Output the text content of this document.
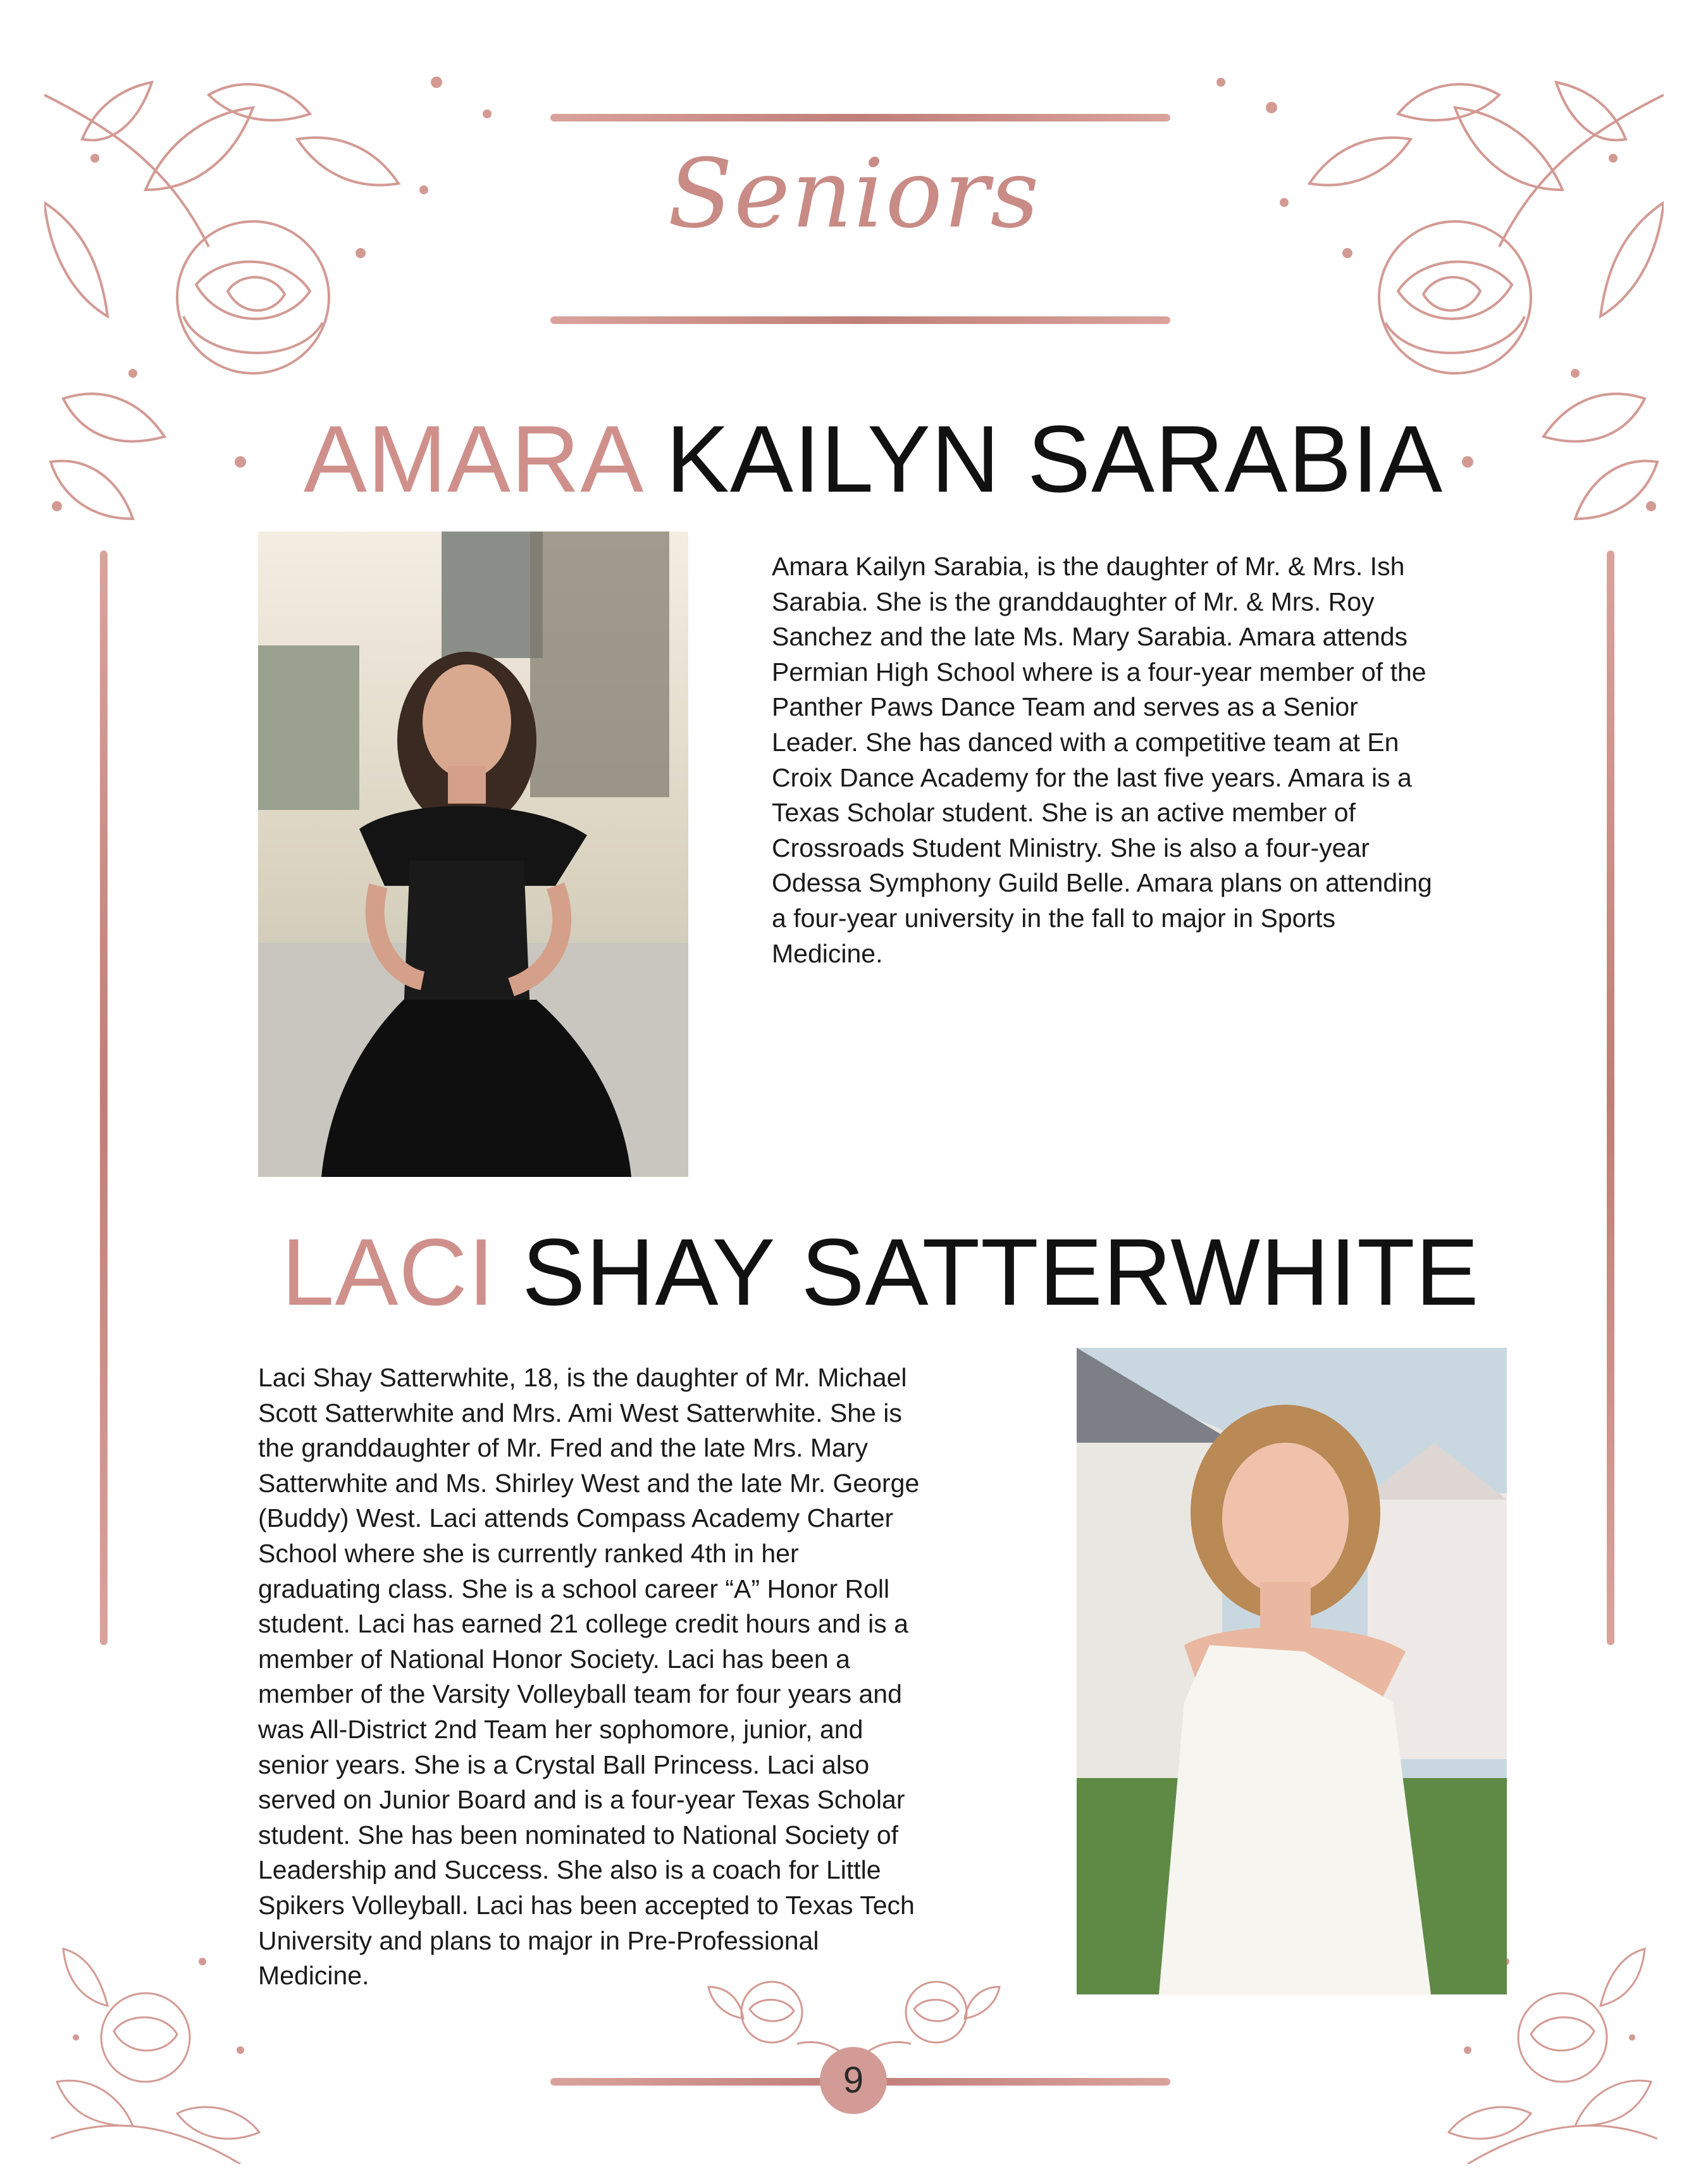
Seniors
AMARA KAILYN SARABIA

Amara Kailyn Sarabia, is the daughter of Mr. & Mrs. Ish

Sarabia. She is the granddaughter of Mr. & Mrs. Roy

Sanchez and the late Ms. Mary Sarabia. Amara attends

Permian High School where is a four-year member of the

Panther Paws Dance Team and serves as a Senior

Leader. She has danced with a competitive team at En

Croix Dance Academy for the last five years. Amara is a

Texas Scholar student. She is an active member of

Crossroads Student Ministry. She is also a four-year

Odessa Symphony Guild Belle. Amara plans on attending

a four-year university in the fall to major in Sports

Medicine.

LACI SHAY SATTERWHITE

Laci Shay Satterwhite, 18, is the daughter of Mr. Michael

Scott Satterwhite and Mrs. Ami West Satterwhite. She is

the granddaughter of Mr. Fred and the late Mrs. Mary

Satterwhite and Ms. Shirley West and the late Mr. George

(Buddy) West. Laci attends Compass Academy Charter

School where she is currently ranked 4th in her

graduating class. She is a school career “A” Honor Roll

student. Laci has earned 21 college credit hours and is a

member of National Honor Society. Laci has been a

member of the Varsity Volleyball team for four years and

was All-District 2nd Team her sophomore, junior, and

senior years. She is a Crystal Ball Princess. Laci also

served on Junior Board and is a four-year Texas Scholar

student. She has been nominated to National Society of

Leadership and Success. She also is a coach for Little

Spikers Volleyball. Laci has been accepted to Texas Tech

University and plans to major in Pre-Professional

Medicine.

9
